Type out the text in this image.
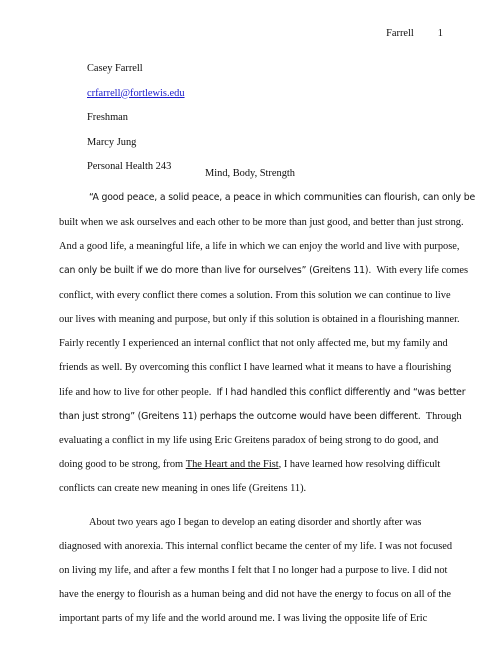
Farrell 1
Casey Farrell
crfarrell@fortlewis.edu
Freshman
Marcy Jung
Personal Health 243
Mind, Body, Strength
“A good peace, a solid peace, a peace in which communities can flourish, can only be
built when we ask ourselves and each other to be more than just good, and better than just strong.
And a good life, a meaningful life, a life in which we can enjoy the world and live with purpose,
can only be built if we do more than live for ourselves” (Greitens 11). With every life comes
conflict, with every conflict there comes a solution. From this solution we can continue to live
our lives with meaning and purpose, but only if this solution is obtained in a flourishing manner.
Fairly recently I experienced an internal conflict that not only affected me, but my family and
friends as well. By overcoming this conflict I have learned what it means to have a flourishing
life and how to live for other people. If I had handled this conflict differently and “was better
than just strong” (Greitens 11) perhaps the outcome would have been different. Through
evaluating a conflict in my life using Eric Greitens paradox of being strong to do good, and
doing good to be strong, from The Heart and the Fist, I have learned how resolving difficult
conflicts can create new meaning in ones life (Greitens 11).
About two years ago I began to develop an eating disorder and shortly after was
diagnosed with anorexia. This internal conflict became the center of my life. I was not focused
on living my life, and after a few months I felt that I no longer had a purpose to live. I did not
have the energy to flourish as a human being and did not have the energy to focus on all of the
important parts of my life and the world around me. I was living the opposite life of Eric
